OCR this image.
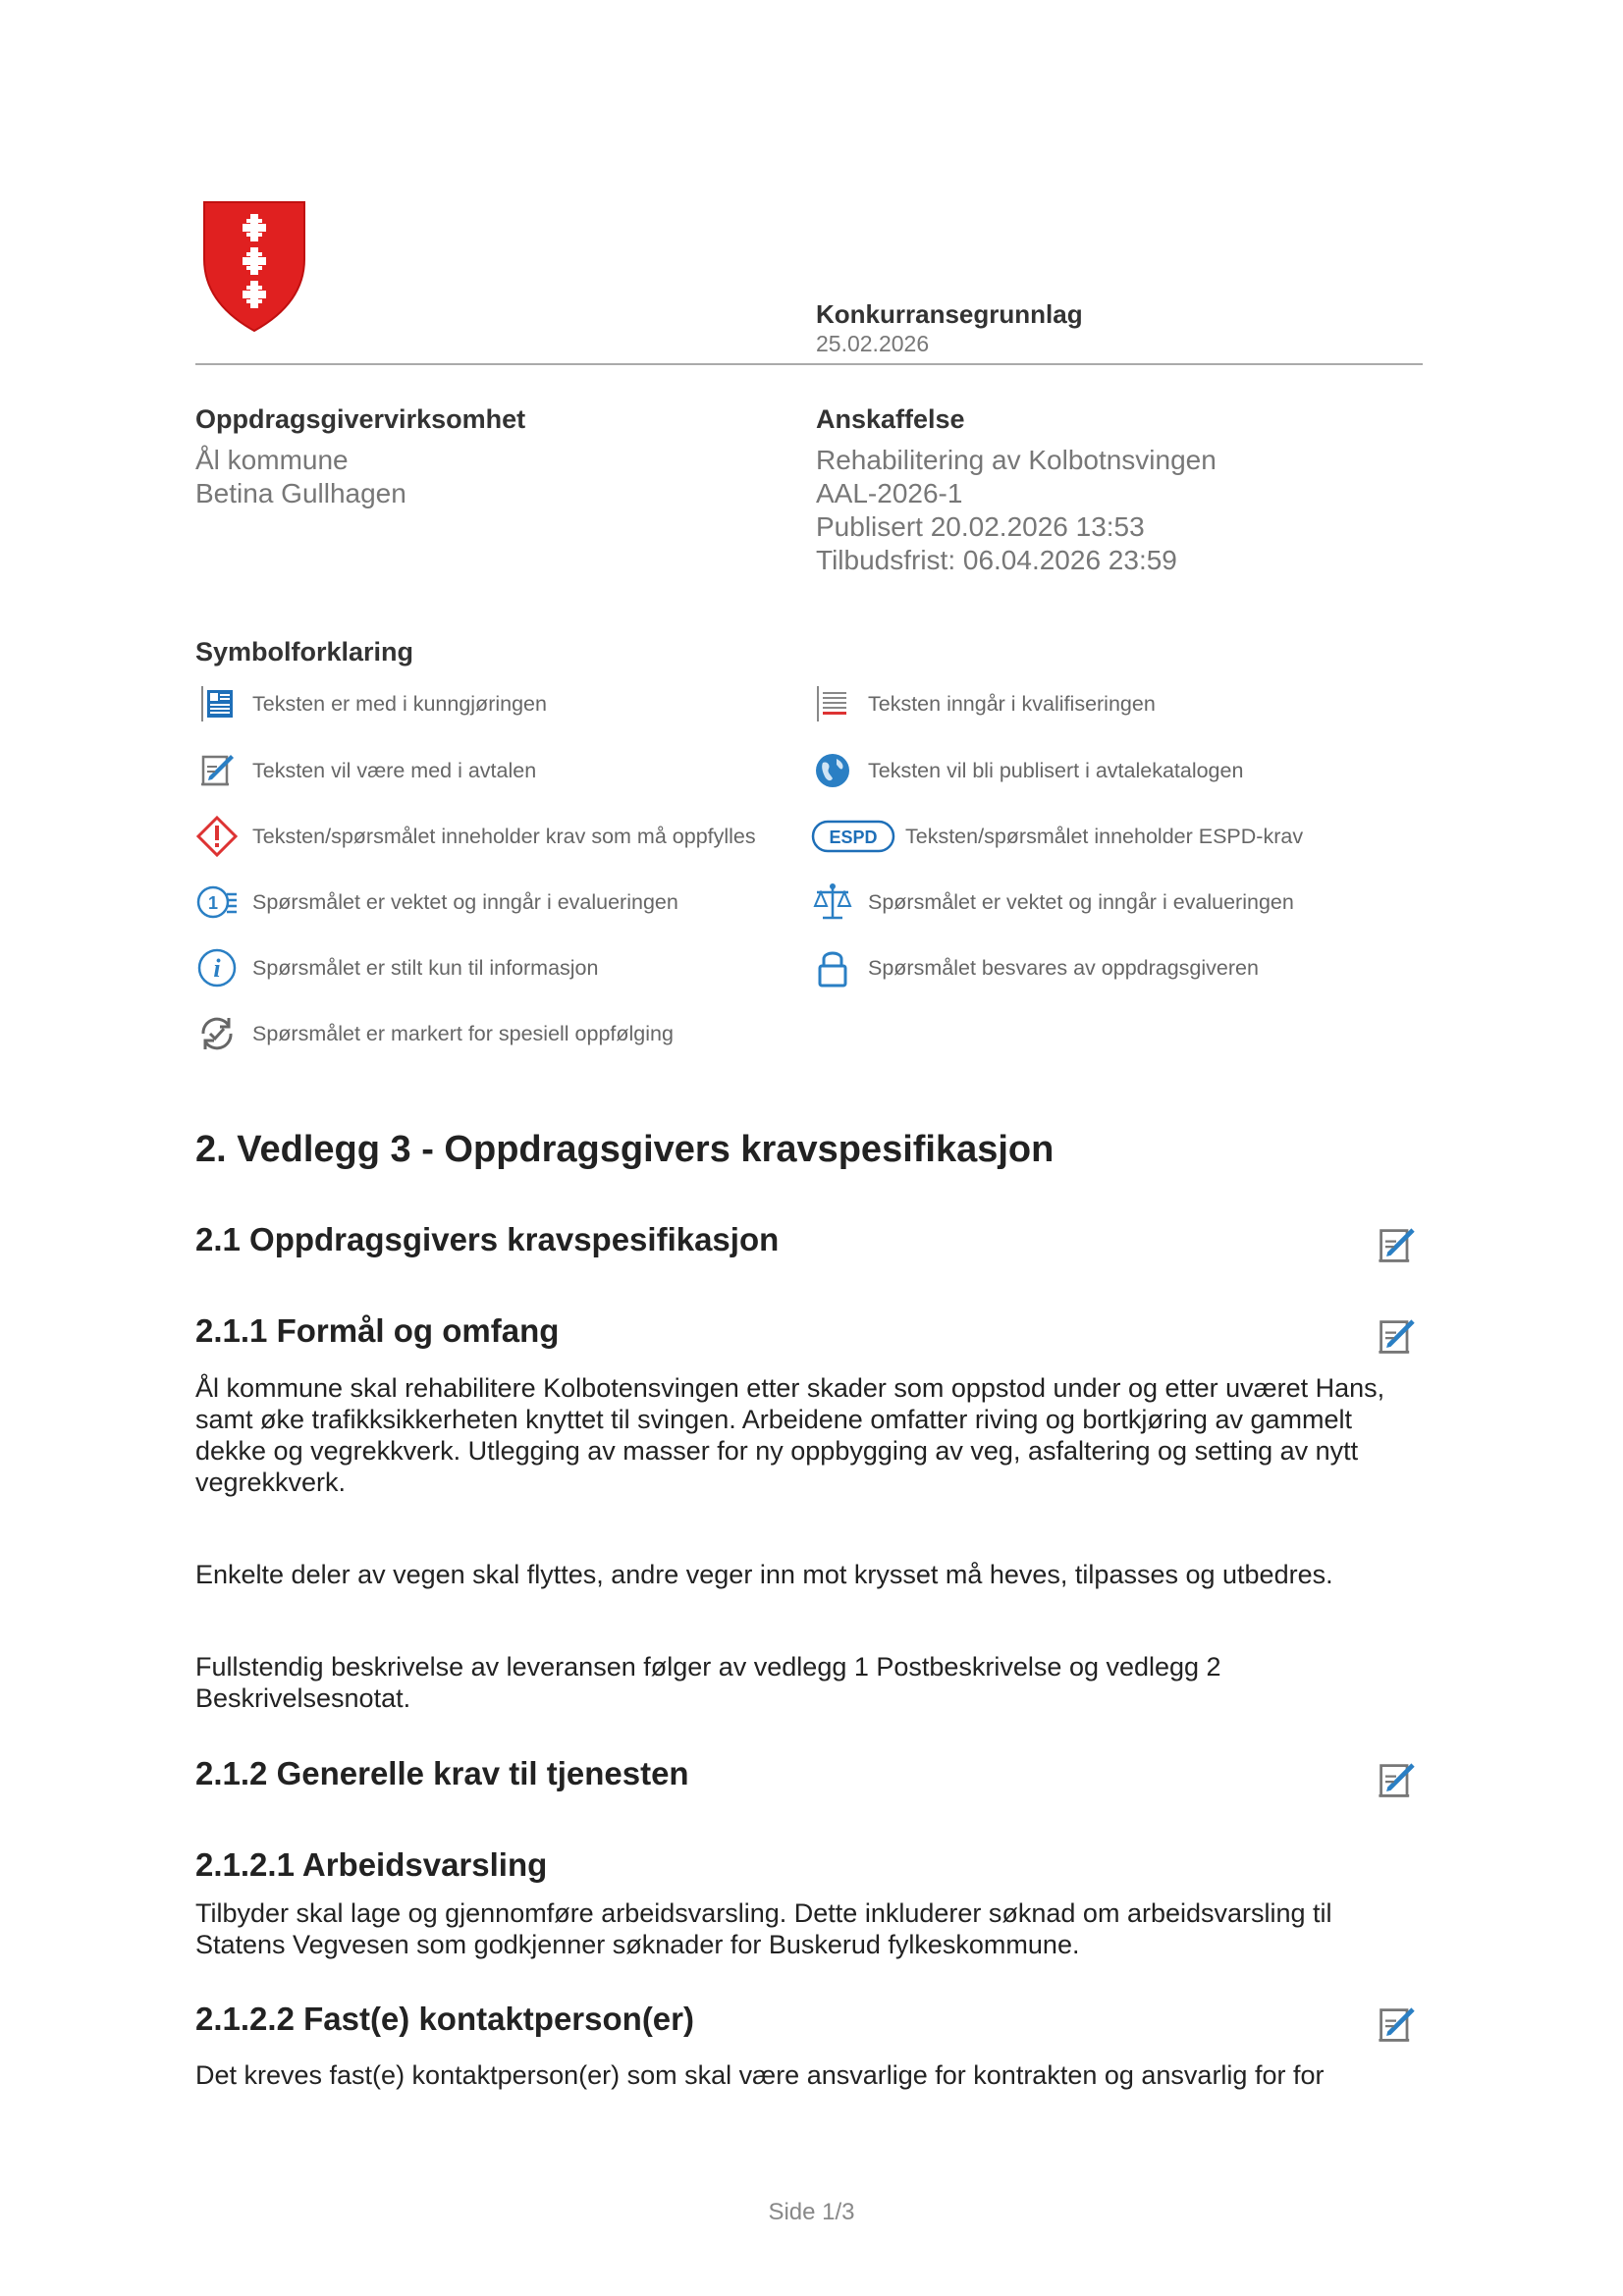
Konkurransegrunnlag
25.02.2026
Oppdragsgivervirksomhet
Ål kommune
Betina Gullhagen
Anskaffelse
Rehabilitering av Kolbotnsvingen
AAL-2026-1
Publisert 20.02.2026 13:53
Tilbudsfrist: 06.04.2026 23:59
Symbolforklaring
Teksten er med i kunngjøringen	Teksten inngår i kvalifiseringen
Teksten vil være med i avtalen	Teksten vil bli publisert i avtalekatalogen
Teksten/spørsmålet inneholder krav som må oppfylles	ESPD Teksten/spørsmålet inneholder ESPD-krav
1 Spørsmålet er vektet og inngår i evalueringen	Spørsmålet er vektet og inngår i evalueringen
i Spørsmålet er stilt kun til informasjon	Spørsmålet besvares av oppdragsgiveren
Spørsmålet er markert for spesiell oppfølging
2. Vedlegg 3 - Oppdragsgivers kravspesifikasjon
2.1 Oppdragsgivers kravspesifikasjon
2.1.1 Formål og omfang
Ål kommune skal rehabilitere Kolbotensvingen etter skader som oppstod under og etter uværet Hans, samt øke trafikksikkerheten knyttet til svingen. Arbeidene omfatter riving og bortkjøring av gammelt dekke og vegrekkverk. Utlegging av masser for ny oppbygging av veg, asfaltering og setting av nytt vegrekkverk.
Enkelte deler av vegen skal flyttes, andre veger inn mot krysset må heves, tilpasses og utbedres.
Fullstendig beskrivelse av leveransen følger av vedlegg 1 Postbeskrivelse og vedlegg 2 Beskrivelsesnotat.
2.1.2 Generelle krav til tjenesten
2.1.2.1 Arbeidsvarsling
Tilbyder skal lage og gjennomføre arbeidsvarsling. Dette inkluderer søknad om arbeidsvarsling til Statens Vegvesen som godkjenner søknader for Buskerud fylkeskommune.
2.1.2.2 Fast(e) kontaktperson(er)
Det kreves fast(e) kontaktperson(er) som skal være ansvarlige for kontrakten og ansvarlig for for
Side 1/3
